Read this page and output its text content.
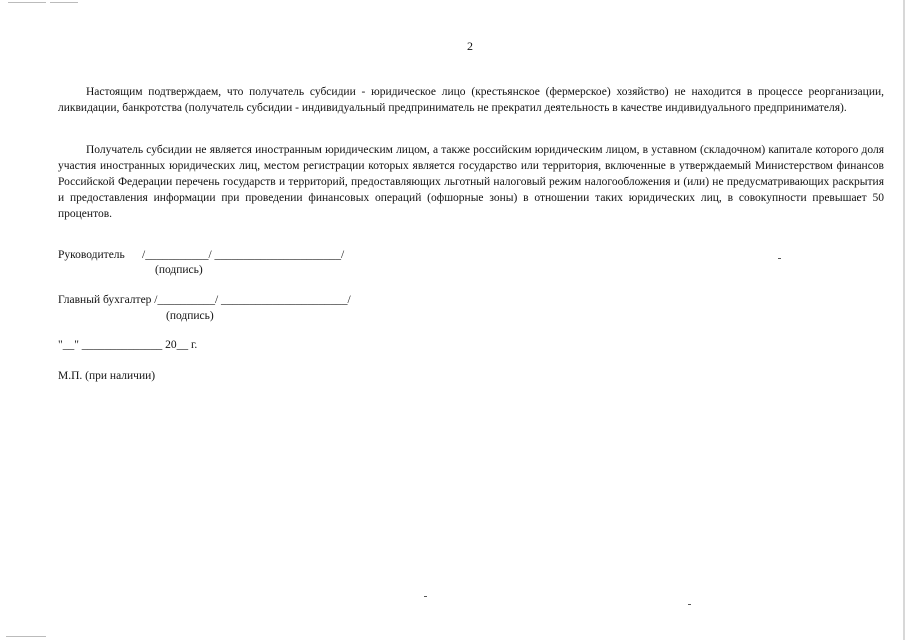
2

Настоящим подтверждаем, что получатель субсидии - юридическое лицо (крестьянское (фермерское) хозяйство) не находится в процессе реорганизации, ликвидации, банкротства (получатель субсидии - индивидуальный предприниматель не прекратил деятельность в качестве индивидуального предпринимателя).

Получатель субсидии не является иностранным юридическим лицом, а также российским юридическим лицом, в уставном (складочном) капитале которого доля участия иностранных юридических лиц, местом регистрации которых является государство или территория, включенные в утверждаемый Министерством финансов Российской Федерации перечень государств и территорий, предоставляющих льготный налоговый режим налогообложения и (или) не предусматривающих раскрытия и предоставления информации при проведении финансовых операций (офшорные зоны) в отношении таких юридических лиц, в совокупности превышает 50 процентов.

Руководитель      /___________/ ______________________/
(подпись)
Главный бухгалтер /__________/ ______________________/
(подпись)
"__" ______________ 20__ г.
М.П. (при наличии)
